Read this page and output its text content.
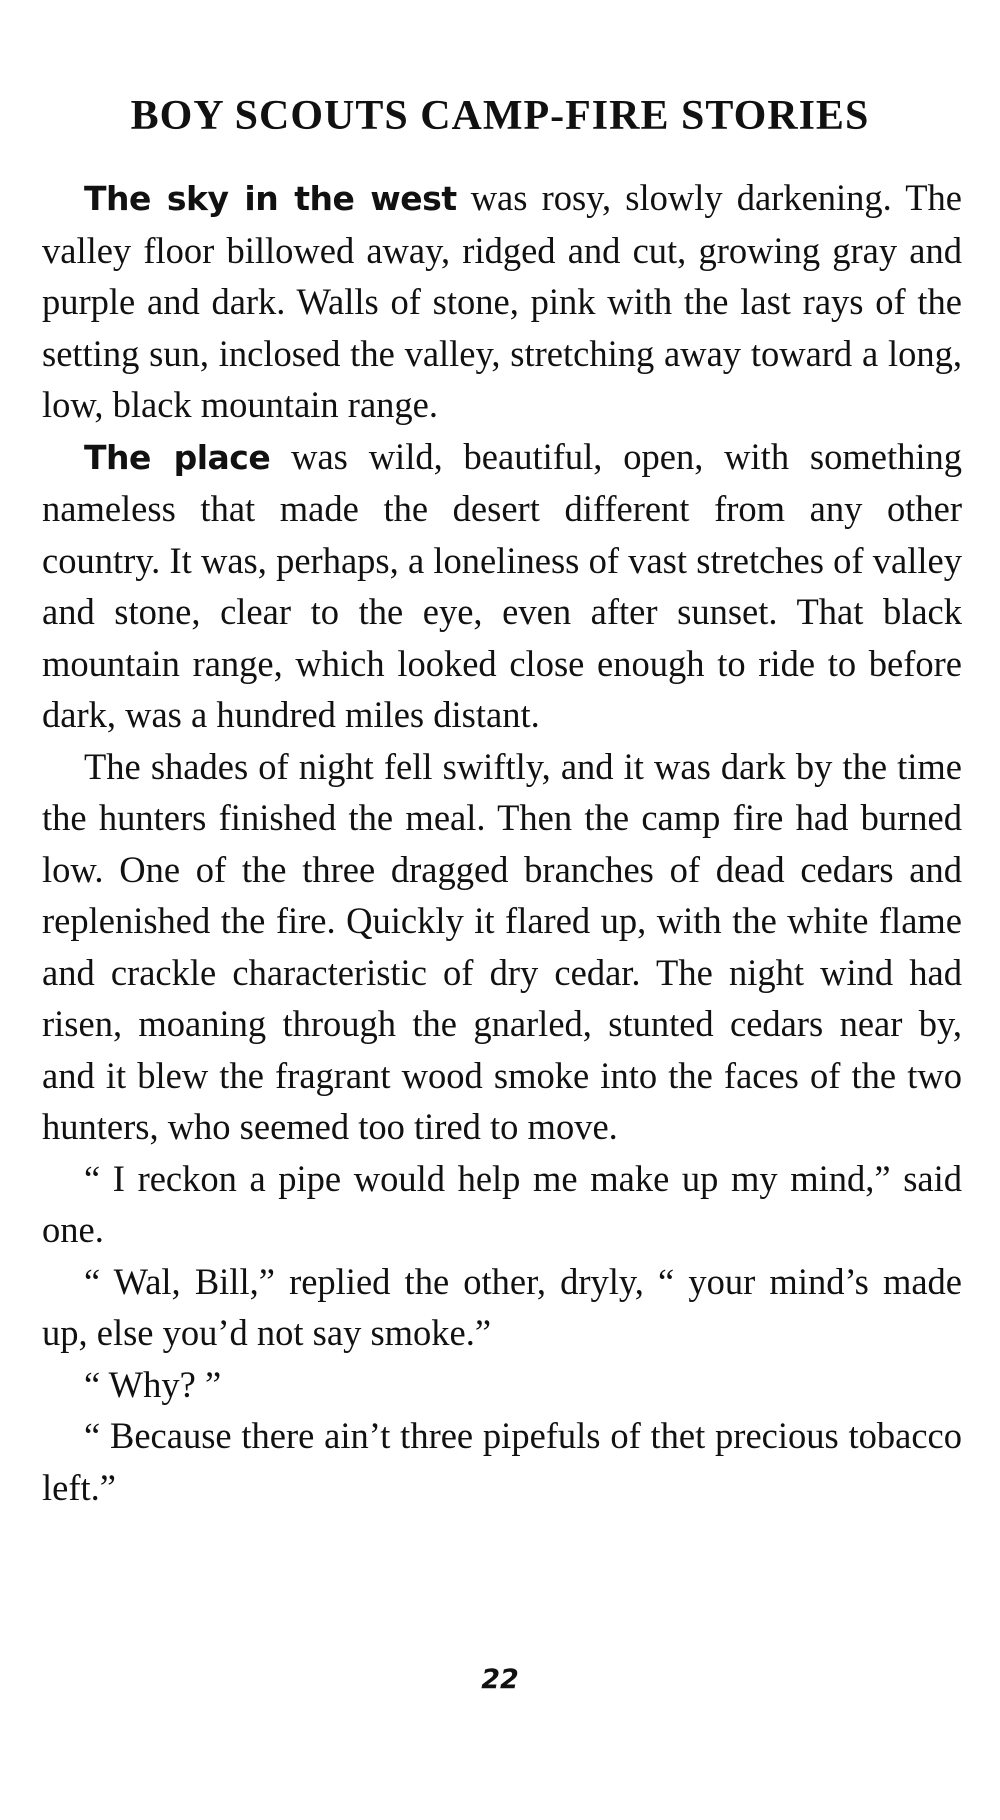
BOY SCOUTS CAMP-FIRE STORIES

The sky in the west was rosy, slowly darkening. The valley floor billowed away, ridged and cut, growing gray and purple and dark. Walls of stone, pink with the last rays of the setting sun, inclosed the valley, stretching away toward a long, low, black mountain range.

The place was wild, beautiful, open, with something nameless that made the desert different from any other country. It was, perhaps, a loneliness of vast stretches of valley and stone, clear to the eye, even after sunset. That black mountain range, which looked close enough to ride to before dark, was a hundred miles distant.

The shades of night fell swiftly, and it was dark by the time the hunters finished the meal. Then the camp fire had burned low. One of the three dragged branches of dead cedars and replenished the fire. Quickly it flared up, with the white flame and crackle characteristic of dry cedar. The night wind had risen, moaning through the gnarled, stunted cedars near by, and it blew the fragrant wood smoke into the faces of the two hunters, who seemed too tired to move.

“ I reckon a pipe would help me make up my mind,” said one.

“ Wal, Bill,” replied the other, dryly, “ your mind’s made up, else you’d not say smoke.”

“ Why? ”

“ Because there ain’t three pipefuls of thet precious tobacco left.”

22
